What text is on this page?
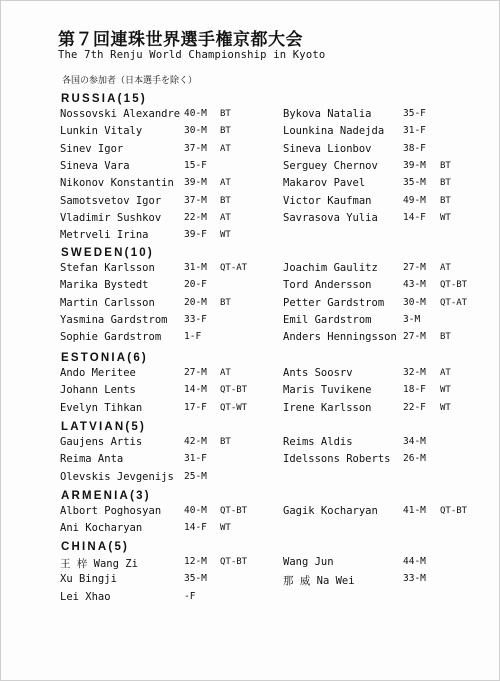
第７回連珠世界選手権京都大会
The 7th Renju World Championship in Kyoto
各国の参加者（日本選手を除く）
RUSSIA(15)
Nossovski Alexandre 40-M BT	Bykova Natalia	35-F
Lunkin Vitaly	30-M BT	Lounkina Nadejda 31-F
Sinev Igor	37-M AT	Sineva Lionbov	38-F
Sineva Vara	15-F	Serguey Chernov	39-M BT
Nikonov Konstantin 39-M AT	Makarov Pavel	35-M BT
Samotsvetov Igor 37-M BT	Victor Kaufman	49-M BT
Vladimir Sushkov 22-M AT	Savrasova Yulia	14-F WT
Metrveli Irina	39-F WT
SWEDEN(10)
Stefan Karlsson	31-M QT-AT	Joachim Gaulitz	27-M AT
Marika Bystedt	20-F	Tord Andersson	43-M QT-BT
Martin Carlsson	20-M BT	Petter Gardstrom 30-M QT-AT
Yasmina Gardstrom 33-F	Emil Gardstrom	3-M
Sophie Gardstrom 1-F	Anders Henningsson 27-M BT
ESTONIA(6)
Ando Meritee	27-M AT	Ants Soosrv	32-M AT
Johann Lents	14-M QT-BT	Maris Tuvikene	18-F WT
Evelyn Tihkan	17-F QT-WT	Irene Karlsson	22-F WT
LATVIAN(5)
Gaujens Artis	42-M BT	Reims Aldis	34-M
Reima Anta	31-F	Idelssons Roberts 26-M
Olevskis Jevgenijs 25-M
ARMENIA(3)
Albort Poghosyan 40-M QT-BT	Gagik Kocharyan	41-M QT-BT
Ani Kocharyan	14-F WT
CHINA(5)
王 梓 Wang Zi	12-M QT-BT	Wang Jun	44-M
Xu Bingji	35-M	那 威 Na Wei	33-M
Lei Xhao	-F
